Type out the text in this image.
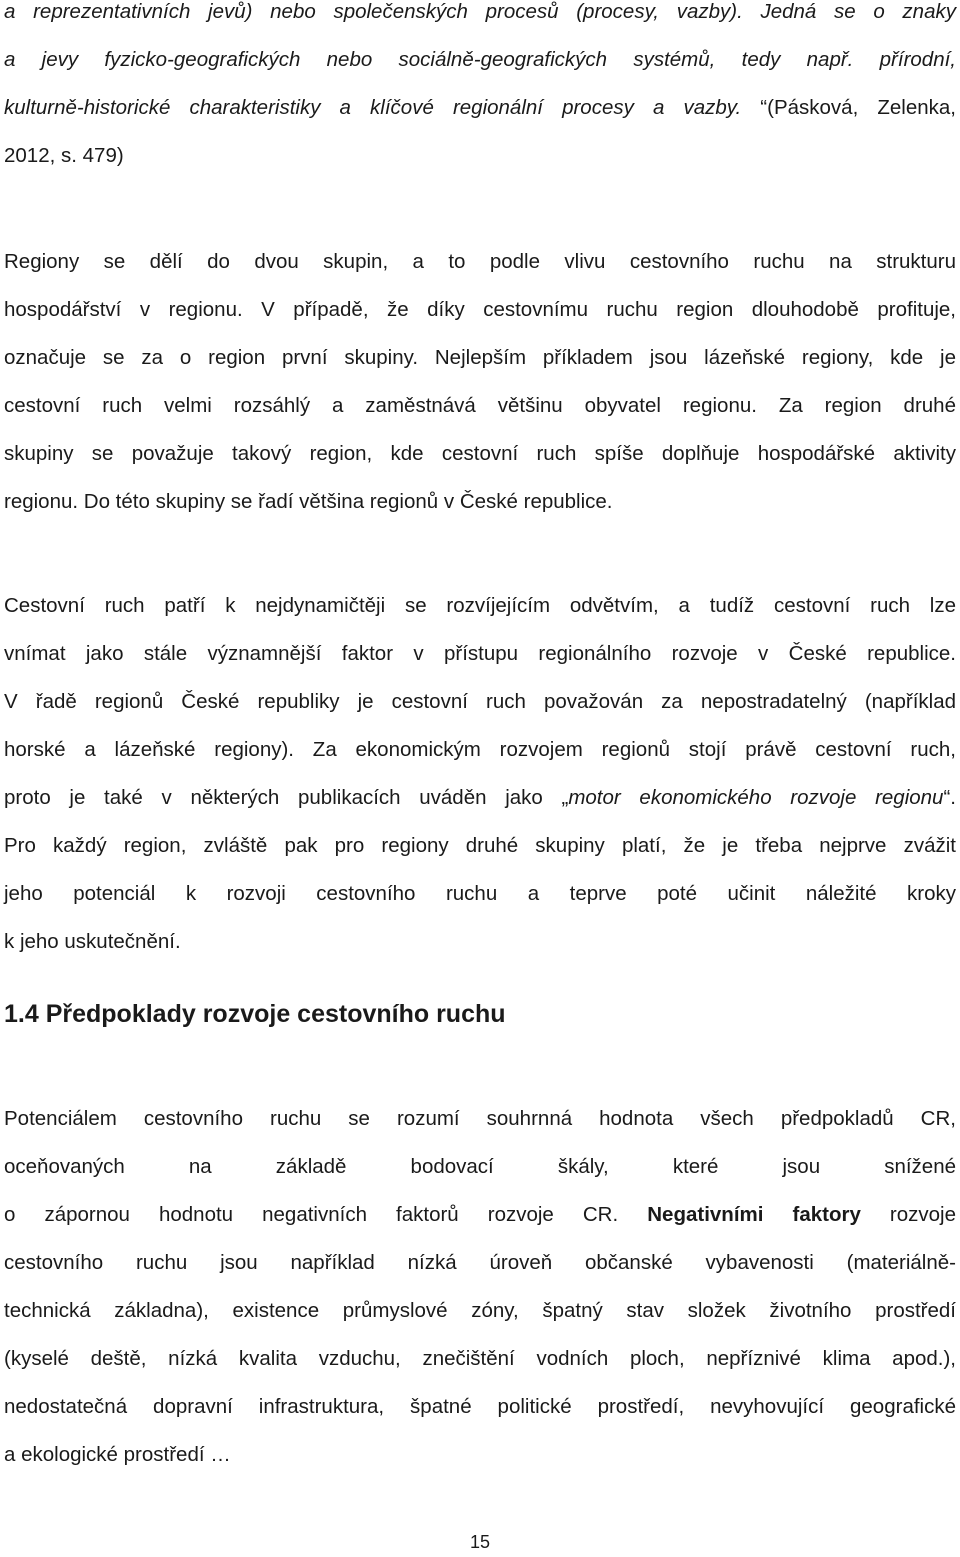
a reprezentativních jevů) nebo společenských procesů (procesy, vazby). Jedná se o znaky
a jevy fyzicko-geografických nebo sociálně-geografických systémů, tedy např. přírodní,
kulturně-historické charakteristiky a klíčové regionální procesy a vazby. “(Pásková, Zelenka,
2012, s. 479)
Regiony se dělí do dvou skupin, a to podle vlivu cestovního ruchu na strukturu
hospodářství v regionu. V případě, že díky cestovnímu ruchu region dlouhodobě profituje,
označuje se za o region první skupiny. Nejlepším příkladem jsou lázeňské regiony, kde je
cestovní ruch velmi rozsáhlý a zaměstnává většinu obyvatel regionu. Za region druhé
skupiny se považuje takový region, kde cestovní ruch spíše doplňuje hospodářské aktivity
regionu. Do této skupiny se řadí většina regionů v České republice.
Cestovní ruch patří k nejdynamičtěji se rozvíjejícím odvětvím, a tudíž cestovní ruch lze
vnímat jako stále významnější faktor v přístupu regionálního rozvoje v České republice.
V řadě regionů České republiky je cestovní ruch považován za nepostradatelný (například
horské a lázeňské regiony). Za ekonomickým rozvojem regionů stojí právě cestovní ruch,
proto je také v některých publikacích uváděn jako „motor ekonomického rozvoje regionu“.
Pro každý region, zvláště pak pro regiony druhé skupiny platí, že je třeba nejprve zvážit
jeho potenciál k rozvoji cestovního ruchu a teprve poté učinit náležité kroky
k jeho uskutečnění.
1.4 Předpoklady rozvoje cestovního ruchu
Potenciálem cestovního ruchu se rozumí souhrnná hodnota všech předpokladů CR,
oceňovaných na základě bodovací škály, které jsou snížené
o zápornou hodnotu negativních faktorů rozvoje CR. Negativními faktory rozvoje
cestovního ruchu jsou například nízká úroveň občanské vybavenosti (materiálně-
technická základna), existence průmyslové zóny, špatný stav složek životního prostředí
(kyselé deště, nízká kvalita vzduchu, znečištění vodních ploch, nepříznivé klima apod.),
nedostatečná dopravní infrastruktura, špatné politické prostředí, nevyhovující geografické
a ekologické prostředí …
15
